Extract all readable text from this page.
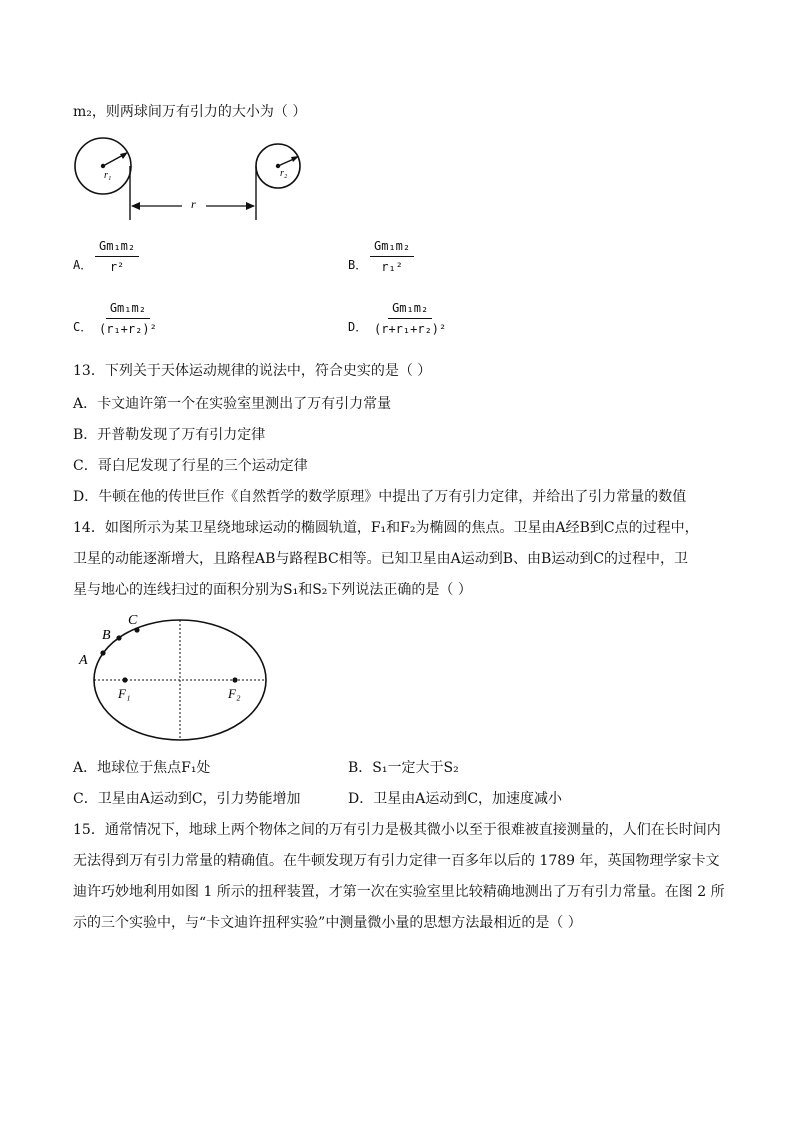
m₂，则两球间万有引力的大小为（ ）
r₁	r₂
r
A． $\frac{\text{Gm₁m₂}}{\text{r²}}$	B． $\frac{\text{Gm₁m₂}}{\text{r₁²}}$
C． $\frac{\text{Gm₁m₂}}{\text{(r₁+r₂)²}}$	D． $\frac{\text{Gm₁m₂}}{\text{(r+r₁+r₂)²}}$
13．下列关于天体运动规律的说法中，符合史实的是（ ）
A．卡文迪许第一个在实验室里测出了万有引力常量
B．开普勒发现了万有引力定律
C．哥白尼发现了行星的三个运动定律
D．牛顿在他的传世巨作《自然哲学的数学原理》中提出了万有引力定律，并给出了引力常量的数值
14．如图所示为某卫星绕地球运动的椭圆轨道，F₁和F₂为椭圆的焦点。卫星由A经B到C点的过程中，
卫星的动能逐渐增大，且路程AB与路程BC相等。已知卫星由A运动到B、由B运动到C的过程中，卫
星与地心的连线扫过的面积分别为S₁和S₂下列说法正确的是（ ）
A
B
C
F₁	F₂
A．地球位于焦点F₁处	B．S₁一定大于S₂
C．卫星由A运动到C，引力势能增加	D．卫星由A运动到C，加速度减小
15．通常情况下，地球上两个物体之间的万有引力是极其微小以至于很难被直接测量的，人们在长时间内
无法得到万有引力常量的精确值。在牛顿发现万有引力定律一百多年以后的 1789 年，英国物理学家卡文
迪许巧妙地利用如图 1 所示的扭秤装置，才第一次在实验室里比较精确地测出了万有引力常量。在图 2 所
示的三个实验中，与“卡文迪许扭秤实验”中测量微小量的思想方法最相近的是（ ）
